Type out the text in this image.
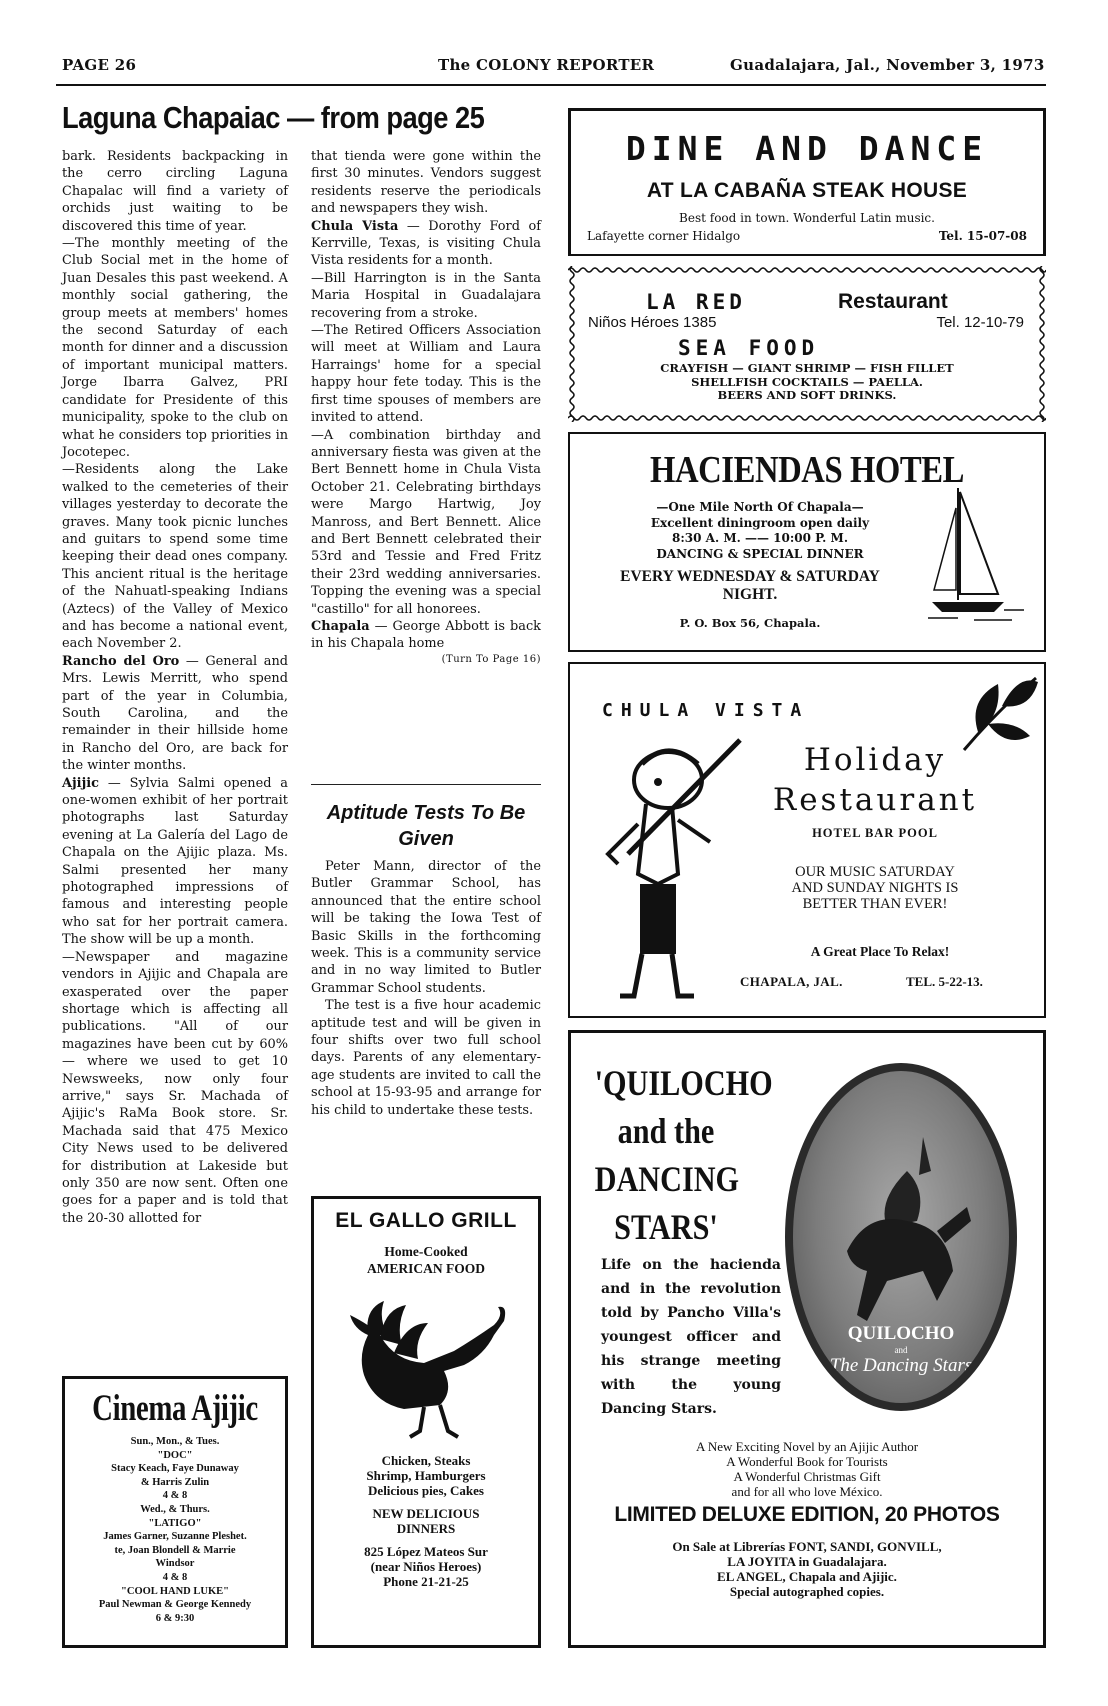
PAGE 26	The COLONY REPORTER	Guadalajara, Jal., November 3, 1973
Laguna Chapaiac — from page 25

bark. Residents backpacking in the cerro circling Laguna Chapalac will find a variety of orchids just waiting to be discovered this time of year.

—The monthly meeting of the Club Social met in the home of Juan Desales this past weekend. A monthly social gathering, the group meets at members' homes the second Saturday of each month for dinner and a discussion of important municipal matters. Jorge Ibarra Galvez, PRI candidate for Presidente of this municipality, spoke to the club on what he considers top priorities in Jocotepec.

—Residents along the Lake walked to the cemeteries of their villages yesterday to decorate the graves. Many took picnic lunches and guitars to spend some time keeping their dead ones company. This ancient ritual is the heritage of the Nahuatl-speaking Indians (Aztecs) of the Valley of Mexico and has become a national event, each November 2.

Rancho del Oro — General and Mrs. Lewis Merritt, who spend part of the year in Columbia, South Carolina, and the remainder in their hillside home in Rancho del Oro, are back for the winter months.

Ajijic — Sylvia Salmi opened a one-women exhibit of her portrait photographs last Saturday evening at La Galería del Lago de Chapala on the Ajijic plaza. Ms. Salmi presented her many photographed impressions of famous and interesting people who sat for her portrait camera. The show will be up a month.

—Newspaper and magazine vendors in Ajijic and Chapala are exasperated over the paper shortage which is affecting all publications. "All of our magazines have been cut by 60% — where we used to get 10 Newsweeks, now only four arrive," says Sr. Machada of Ajijic's RaMa Book store. Sr. Machada said that 475 Mexico City News used to be delivered for distribution at Lakeside but only 350 are now sent. Often one goes for a paper and is told that the 20-30 allotted for

that tienda were gone within the first 30 minutes. Vendors suggest residents reserve the periodicals and newspapers they wish.

Chula Vista — Dorothy Ford of Kerrville, Texas, is visiting Chula Vista residents for a month.

—Bill Harrington is in the Santa Maria Hospital in Guadalajara recovering from a stroke.

—The Retired Officers Association will meet at William and Laura Harraings' home for a special happy hour fete today. This is the first time spouses of members are invited to attend.

—A combination birthday and anniversary fiesta was given at the Bert Bennett home in Chula Vista October 21. Celebrating birthdays were Margo Hartwig, Joy Manross, and Bert Bennett. Alice and Bert Bennett celebrated their 53rd and Tessie and Fred Fritz their 23rd wedding anniversaries. Topping the evening was a special "castillo" for all honorees.

Chapala — George Abbott is back in his Chapala home

(Turn To Page 16)

Aptitude Tests To Be Given

Peter Mann, director of the Butler Grammar School, has announced that the entire school will be taking the Iowa Test of Basic Skills in the forthcoming week. This is a community service and in no way limited to Butler Grammar School students.

The test is a five hour academic aptitude test and will be given in four shifts over two full school days. Parents of any elementary-age students are invited to call the school at 15-93-95 and arrange for his child to undertake these tests.

DINE AND DANCE
AT LA CABAÑA STEAK HOUSE
Best food in town. Wonderful Latin music.
Lafayette corner Hidalgo	Tel. 15-07-08
LA RED	Restaurant
Niños Héroes 1385	Tel. 12-10-79
SEA FOOD
CRAYFISH — GIANT SHRIMP — FISH FILLET
SHELLFISH COCKTAILS — PAELLA.
BEERS AND SOFT DRINKS.
HACIENDAS HOTEL
—One Mile North Of Chapala—
Excellent diningroom open daily
8:30 A. M. —— 10:00 P. M.
DANCING & SPECIAL DINNER
EVERY WEDNESDAY & SATURDAY
NIGHT.
P. O. Box 56, Chapala.
CHULA VISTA
Holiday
Restaurant
HOTEL BAR POOL
OUR MUSIC SATURDAY
AND SUNDAY NIGHTS IS
BETTER THAN EVER!
A Great Place To Relax!
CHAPALA, JAL.	TEL. 5-22-13.
'QUILOCHO
and the
DANCING
STARS'
QUILOCHO
and
The Dancing Stars
Life on the hacienda and in the revolution told by Pancho Villa's youngest officer and his strange meeting with the young Dancing Stars.
A New Exciting Novel by an Ajijic Author
A Wonderful Book for Tourists
A Wonderful Christmas Gift
and for all who love México.
LIMITED DELUXE EDITION, 20 PHOTOS
On Sale at Librerías FONT, SANDI, GONVILL,
LA JOYITA in Guadalajara.
EL ANGEL, Chapala and Ajijic.
Special autographed copies.
EL GALLO GRILL
Home-Cooked
AMERICAN FOOD
Chicken, Steaks
Shrimp, Hamburgers
Delicious pies, Cakes
NEW DELICIOUS
DINNERS
825 López Mateos Sur
(near Niños Heroes)
Phone 21-21-25
Cinema Ajijic
Sun., Mon., & Tues.
"DOC"
Stacy Keach, Faye Dunaway
& Harris Zulin
4 & 8
Wed., & Thurs.
"LATIGO"
James Garner, Suzanne Pleshet.
te, Joan Blondell & Marrie
Windsor
4 & 8
"COOL HAND LUKE"
Paul Newman & George Kennedy
6 & 9:30
